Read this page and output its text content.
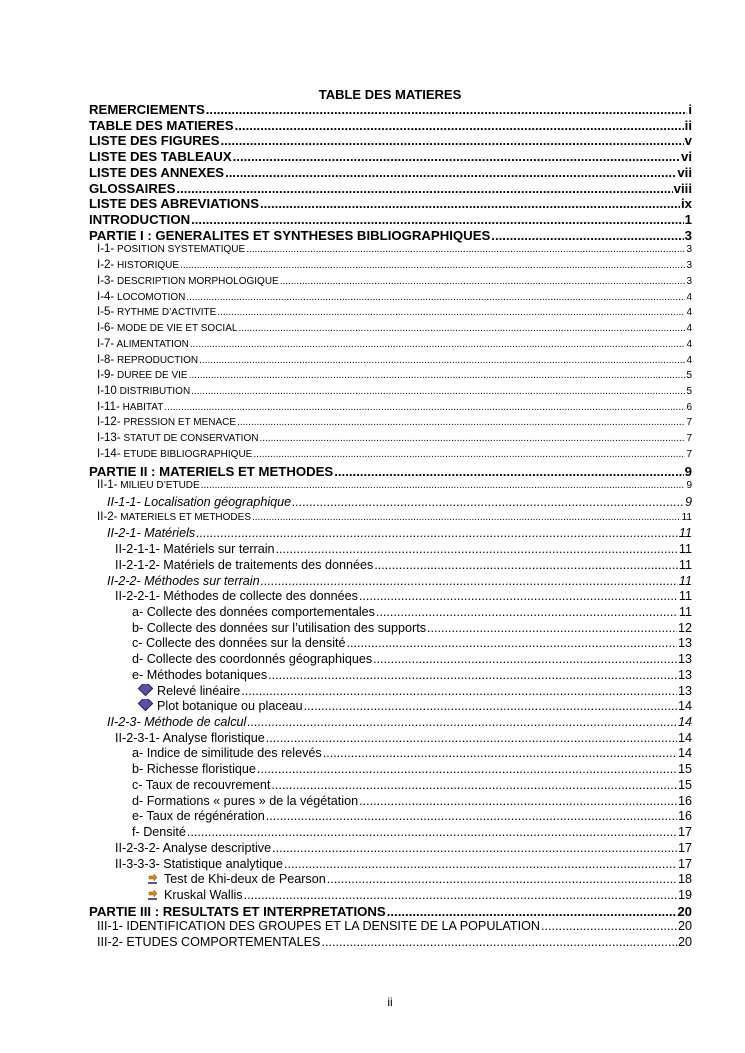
TABLE DES MATIERES
REMERCIEMENTS .....	i
TABLE DES MATIERES .....	ii
LISTE DES FIGURES .....	v
LISTE DES TABLEAUX .....	vi
LISTE DES ANNEXES .....	vii
GLOSSAIRES .....	viii
LISTE DES ABREVIATIONS .....	ix
INTRODUCTION .....	1
PARTIE I : GENERALITES ET SYNTHESES BIBLIOGRAPHIQUES .....	3
I-1- POSITION SYSTEMATIQUE .....	3
I-2- HISTORIQUE .....	3
I-3- DESCRIPTION MORPHOLOGIQUE .....	3
I-4- LOCOMOTION .....	4
I-5- RYTHME D’ACTIVITE .....	4
I-6- MODE DE VIE ET SOCIAL .....	4
I-7- ALIMENTATION .....	4
I-8- REPRODUCTION .....	4
I-9- DUREE DE VIE .....	5
I-10 DISTRIBUTION .....	5
I-11- HABITAT .....	6
I-12- PRESSION ET MENACE .....	7
I-13- STATUT DE CONSERVATION .....	7
I-14- ETUDE BIBLIOGRAPHIQUE .....	7
PARTIE II : MATERIELS ET METHODES .....	9
II-1- MILIEU D’ETUDE .....	9
II-1-1- Localisation géographique .....	9
II-2- MATERIELS ET METHODES .....	11
II-2-1- Matériels .....	11
II-2-1-1- Matériels sur terrain .....	11
II-2-1-2- Matériels de traitements des données .....	11
II-2-2- Méthodes sur terrain .....	11
II-2-2-1- Méthodes de collecte des données .....	11
a- Collecte des données comportementales .....	11
b- Collecte des données sur l’utilisation des supports .....	12
c- Collecte des données sur la densité .....	13
d- Collecte des coordonnés géographiques .....	13
e- Méthodes botaniques .....	13
Relevé linéaire .....	13
Plot botanique ou placeau .....	14
II-2-3- Méthode de calcul .....	14
II-2-3-1- Analyse floristique .....	14
a- Indice de similitude des relevés .....	14
b- Richesse floristique .....	15
c- Taux de recouvrement .....	15
d- Formations « pures » de la végétation .....	16
e- Taux de régénération .....	16
f- Densité .....	17
II-2-3-2- Analyse descriptive .....	17
II-3-3-3- Statistique analytique .....	17
Test de Khi-deux de Pearson .....	18
Kruskal Wallis .....	19
PARTIE III : RESULTATS ET INTERPRETATIONS .....	20
III-1- IDENTIFICATION DES GROUPES ET LA DENSITE DE LA POPULATION .....	20
III-2- ETUDES COMPORTEMENTALES .....	20
ii
